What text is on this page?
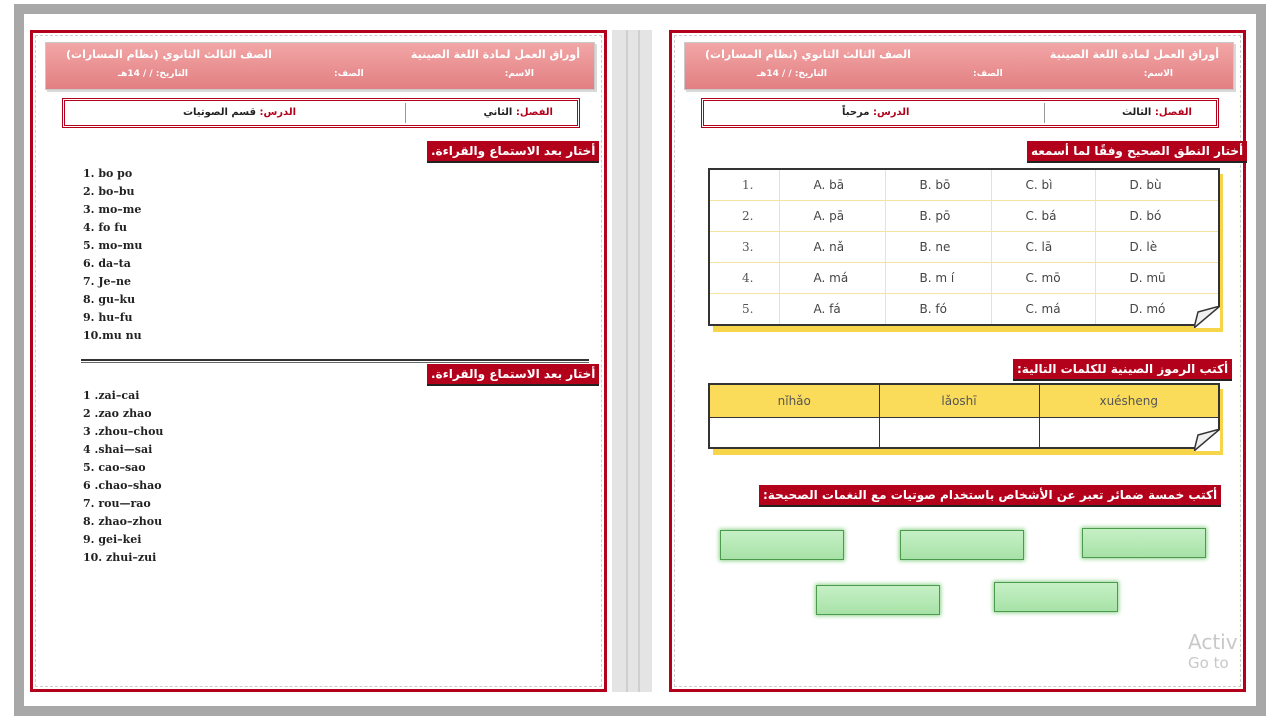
أوراق العمل لمادة اللغة الصينية
الصف الثالث الثانوي (نظام المسارات)
الاسم:
الصف:
التاريخ: / / 14هـ
الفصل: الثاني
الدرس: قسم الصوتيات
أختار بعد الاستماع والقراءة.
1. bo po
2. bo–bu
3. mo–me
4. fo fu
5. mo–mu
6. da–ta
7. Je–ne
8. gu–ku
9. hu–fu
10.mu nu
أختار بعد الاستماع والقراءة.
1 .zai–cai
2 .zao zhao
3 .zhou–chou
4 .shai—sai
5. cao–sao
6 .chao–shao
7. rou—rao
8. zhao–zhou
9. gei–kei
10. zhui–zui
أوراق العمل لمادة اللغة الصينية
الصف الثالث الثانوي (نظام المسارات)
الاسم:
الصف:
التاريخ: / / 14هـ
الفصل: الثالث
الدرس: مرحباً
أختار النطق الصحيح وفقًا لما أسمعه
1.	A. bā	B. bō	C. bì	D. bù
2.	A. pā	B. pō	C. bá	D. bó
3.	A. nǎ	B. ne	C. lā	D. lè
4.	A. má	B. m í	C. mō	D. mū
5.	A. fá	B. fó	C. má	D. mó
أكتب الرموز الصينية للكلمات التالية:
nǐhǎo	lǎoshī	xuésheng

أكتب خمسة ضمائر تعبر عن الأشخاص باستخدام صوتيات مع النغمات الصحيحة:
Activ
Go to
